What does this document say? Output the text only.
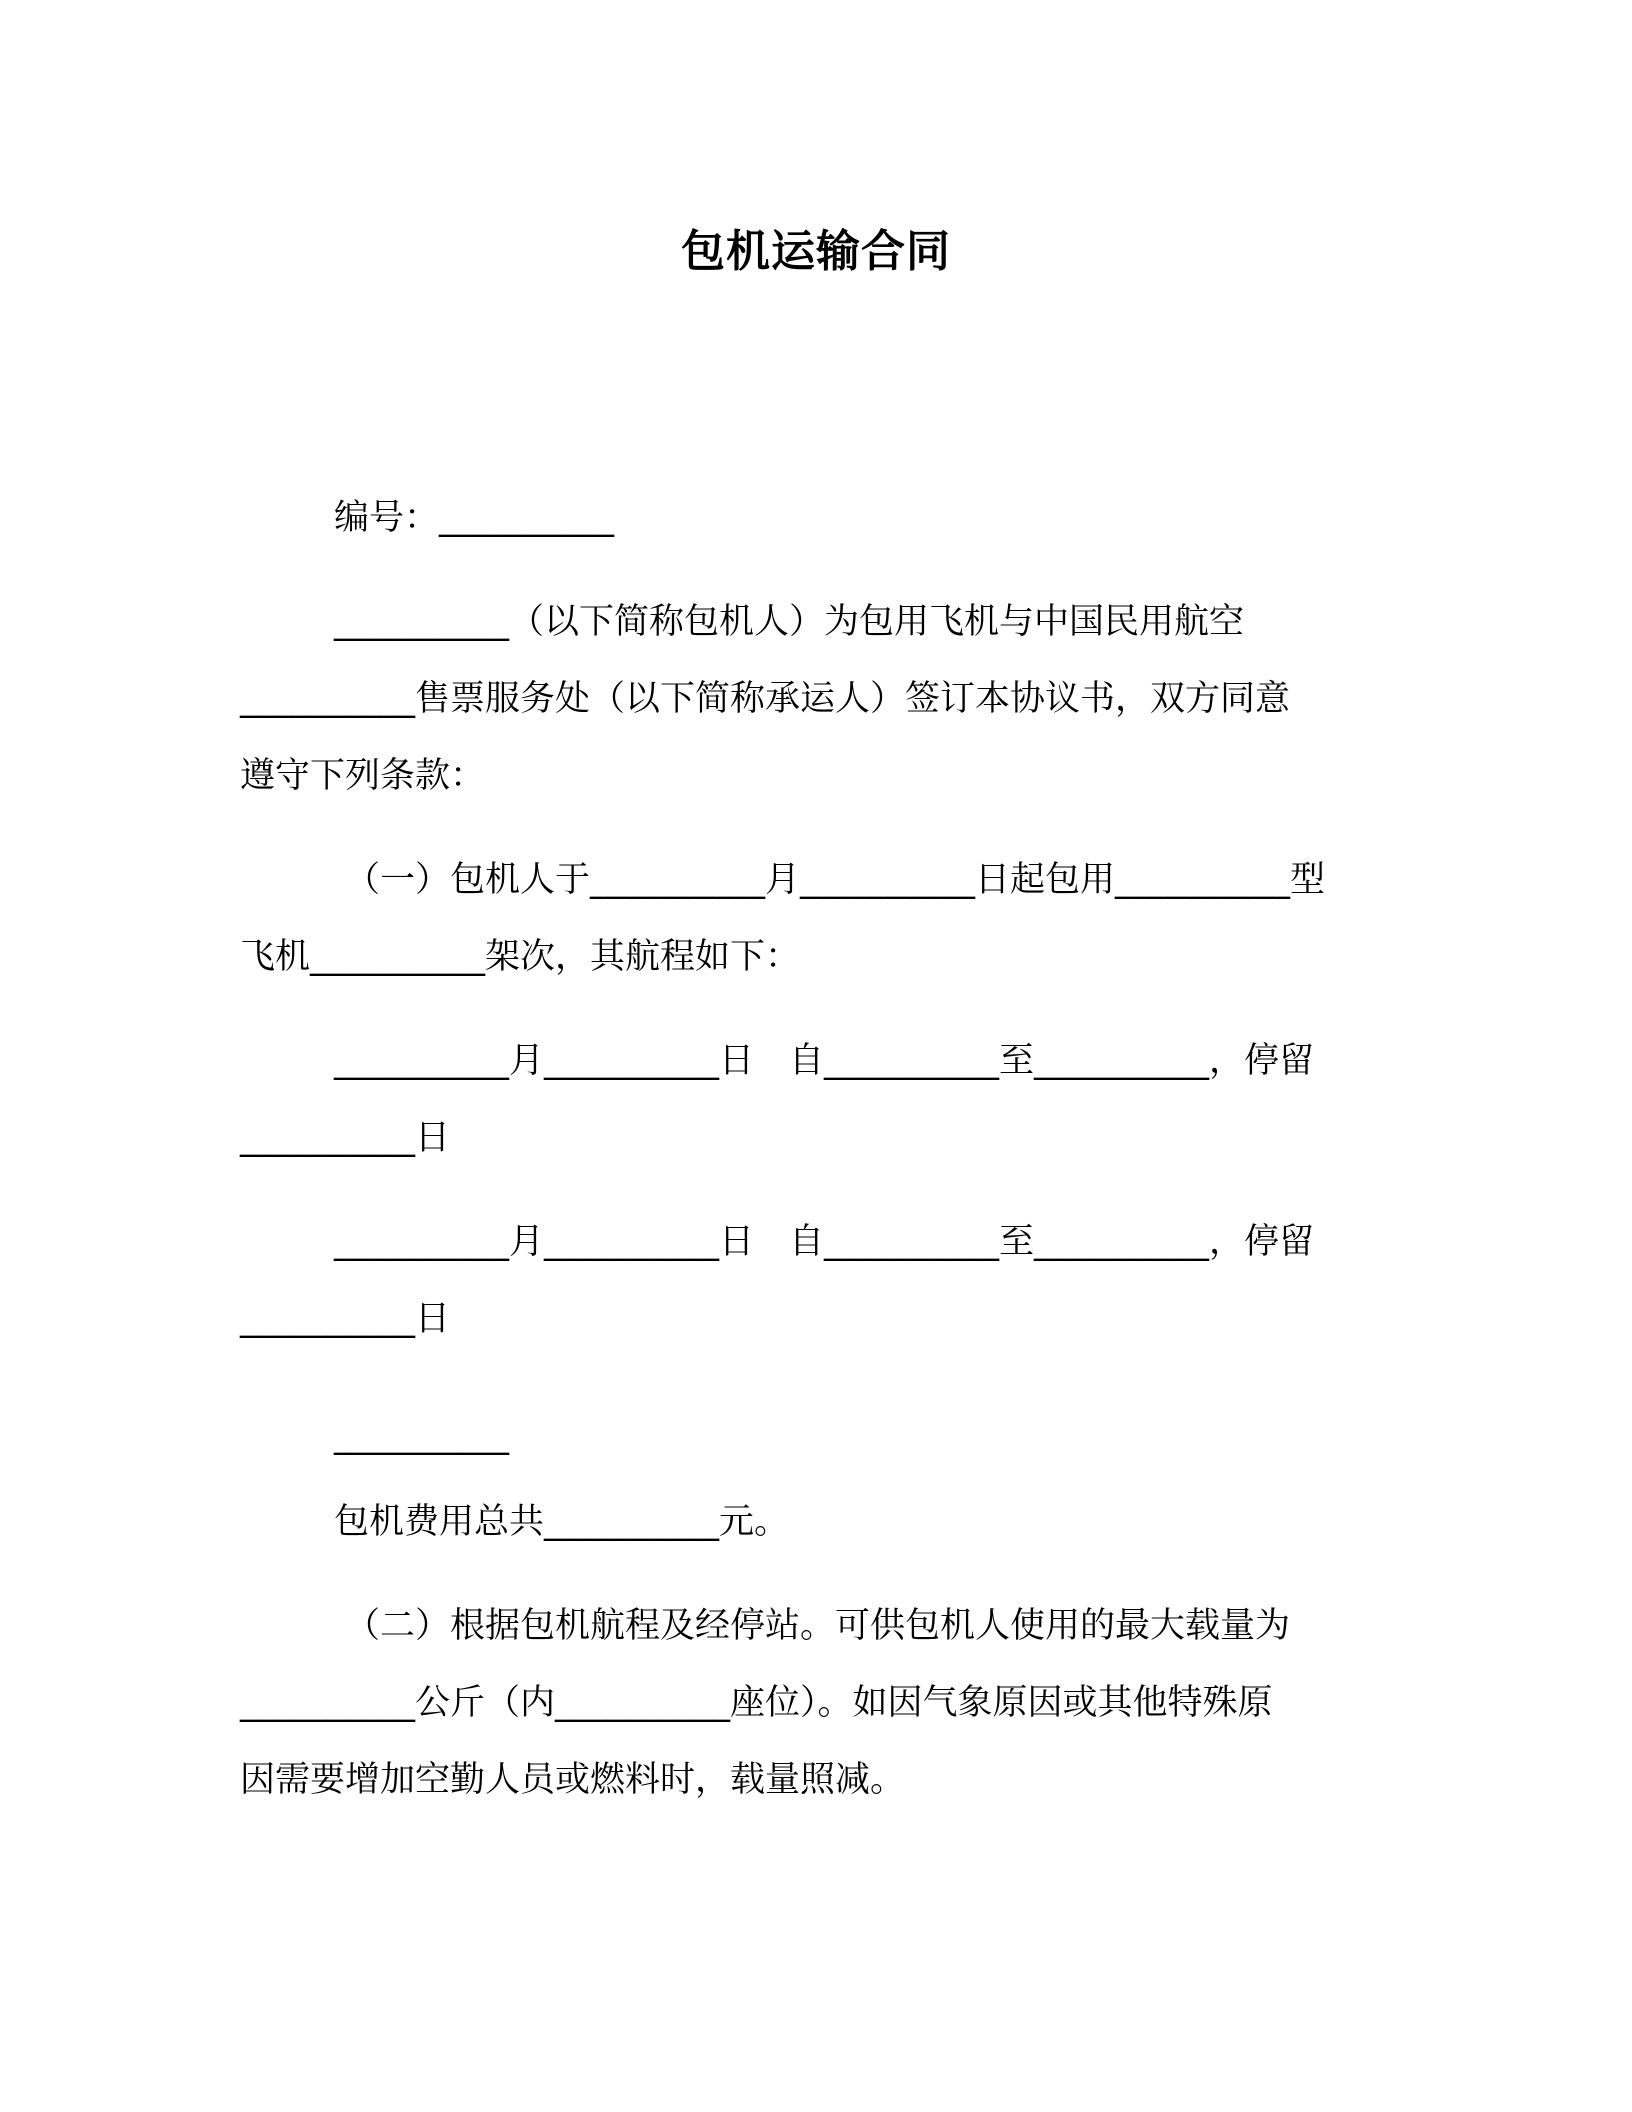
包机运输合同
编号：__________
__________（以下简称包机人）为包用飞机与中国民用航空
__________售票服务处（以下简称承运人）签订本协议书，双方同意
遵守下列条款：
（一）包机人于__________月__________日起包用__________型
飞机__________架次，其航程如下：
__________月__________日　自__________至__________，停留
__________日
__________月__________日　自__________至__________，停留
__________日
__________
包机费用总共__________元。
（二）根据包机航程及经停站。可供包机人使用的最大载量为
__________公斤（内__________座位）。如因气象原因或其他特殊原
因需要增加空勤人员或燃料时，载量照减。
